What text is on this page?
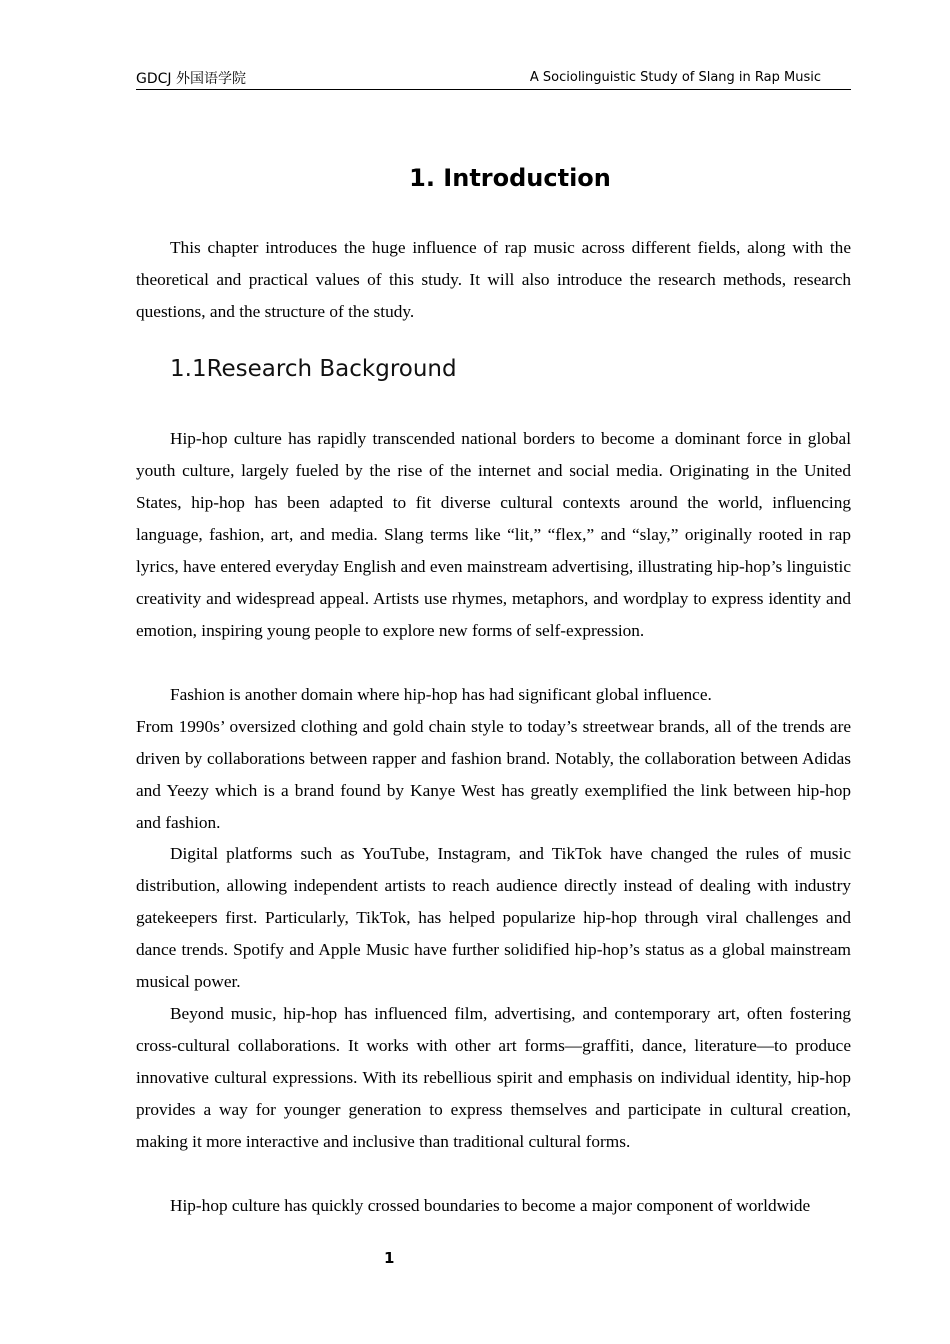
GDCJ 外国语学院	A Sociolinguistic Study of Slang in Rap Music
1. Introduction

This chapter introduces the huge influence of rap music across different fields, along with the theoretical and practical values of this study. It will also introduce the research methods, research questions, and the structure of the study.

1.1Research Background

Hip-hop culture has rapidly transcended national borders to become a dominant force in global youth culture, largely fueled by the rise of the internet and social media. Originating in the United States, hip-hop has been adapted to fit diverse cultural contexts around the world, influencing language, fashion, art, and media. Slang terms like “lit,” “flex,” and “slay,” originally rooted in rap lyrics, have entered everyday English and even mainstream advertising, illustrating hip-hop’s linguistic creativity and widespread appeal. Artists use rhymes, metaphors, and wordplay to express identity and emotion, inspiring young people to explore new forms of self-expression.

Fashion is another domain where hip-hop has had significant global influence.

From 1990s’ oversized clothing and gold chain style to today’s streetwear brands, all of the trends are driven by collaborations between rapper and fashion brand. Notably, the collaboration between Adidas and Yeezy which is a brand found by Kanye West has greatly exemplified the link between hip-hop and fashion.

Digital platforms such as YouTube, Instagram, and TikTok have changed the rules of music distribution, allowing independent artists to reach audience directly instead of dealing with industry gatekeepers first. Particularly, TikTok, has helped popularize hip-hop through viral challenges and dance trends. Spotify and Apple Music have further solidified hip-hop’s status as a global mainstream musical power.

Beyond music, hip-hop has influenced film, advertising, and contemporary art, often fostering cross-cultural collaborations. It works with other art forms—graffiti, dance, literature—to produce innovative cultural expressions. With its rebellious spirit and emphasis on individual identity, hip-hop provides a way for younger generation to express themselves and participate in cultural creation, making it more interactive and inclusive than traditional cultural forms.

Hip-hop culture has quickly crossed boundaries to become a major component of worldwide

1
